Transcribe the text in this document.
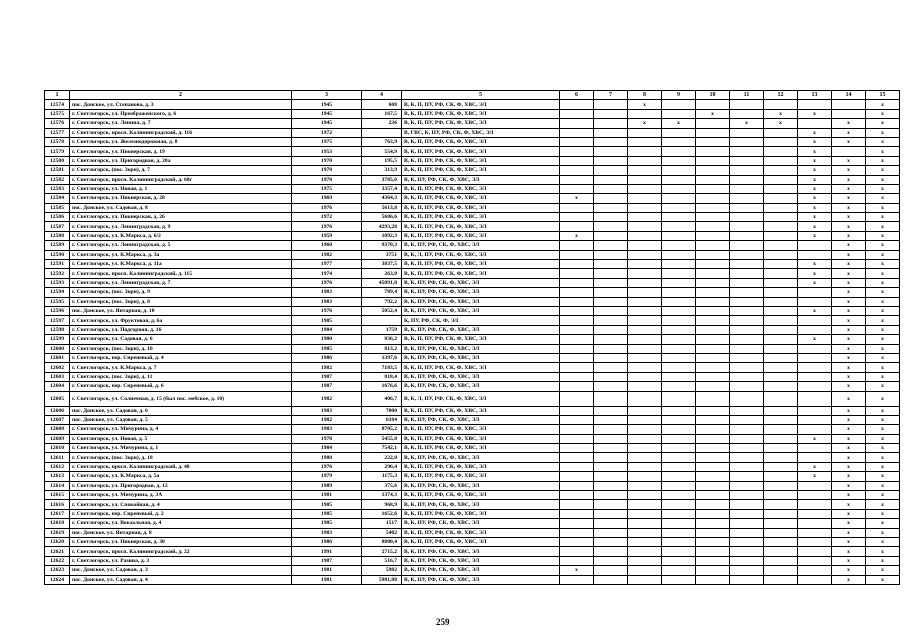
1	2	3	4	5	6	7	8	9	10	11	12	13	14	15
12574	пос. Донское, ул. Степанова, д. 3	1945	608	В, К, П, ПУ, РФ, СК, Ф, ХВС, ЭЛ			x							x
12575	г. Светлогорск, ул. Преображенского, д. 6	1945	167,5	В, К, П, ПУ, РФ, СК, Ф, ХВС, ЭЛ					x		x	x		x
12576	г. Светлогорск, ул. Ленина, д. 7	1945	236	В, К, П, ПУ, РФ, СК, Ф, ХВС, ЭЛ			x	x		x	x		x	x
12577	г. Светлогорск, просп. Калининградский, д. 116	1972		В, ГВС, К, ПУ, РФ, СК, Ф, ХВС, ЭЛ								x	x	x
12578	г. Светлогорск, ул. Железнодорожная, д. 8	1975	763,9	В, К, П, ПУ, РФ, СК, Ф, ХВС, ЭЛ								x	x	x
12579	г. Светлогорск, ул. Пионерская, д. 19	1953	554,9	В, К, П, ПУ, РФ, СК, Ф, ХВС, ЭЛ								x		x
12580	г. Светлогорск, ул. Пригородная, д. 20а	1970	195,5	В, К, П, ПУ, РФ, СК, Ф, ХВС, ЭЛ								x	x	x
12581	г. Светлогорск, (пос. Зори), д. 7	1978	313,9	В, К, П, ПУ, РФ, СК, Ф, ХВС, ЭЛ								x	x	x
12582	г. Светлогорск, просп. Калининградский, д. 68г	1978	3785,6	В, К, ПУ, РФ, СК, Ф, ХВС, ЭЛ								x	x	x
12583	г. Светлогорск, ул. Новая, д. 1	1975	3357,4	В, К, П, ПУ, РФ, СК, Ф, ХВС, ЭЛ								x	x	x
12584	г. Светлогорск, ул. Пионерская, д. 28	1969	4364,3	В, К, П, ПУ, РФ, СК, Ф, ХВС, ЭЛ	x							x	x	x
12585	пос. Донское, ул. Садовая, д. 8	1976	5613,8	В, К, П, ПУ, РФ, СК, Ф, ХВС, ЭЛ								x	x	x
12586	г. Светлогорск, ул. Пионерская, д. 26	1972	5686,6	В, К, П, ПУ, РФ, СК, Ф, ХВС, ЭЛ								x	x	x
12587	г. Светлогорск, ул. Ленинградская, д. 9	1976	4293,28	В, К, П, ПУ, РФ, СК, Ф, ХВС, ЭЛ								x	x	x
12588	г. Светлогорск, ул. К.Маркса, д. 6/2	1959	1092,3	В, К, П, ПУ, РФ, СК, Ф, ХВС, ЭЛ	x							x	x	x
12589	г. Светлогорск, ул. Ленинградская, д. 5	1960	9370,3	В, К, ПУ, РФ, СК, Ф, ХВС, ЭЛ									x	x
12590	г. Светлогорск, ул. К.Маркса, д. 3а	1982	3751	В, К, Л, ПУ, РФ, СК, Ф, ХВС, ЭЛ									x	x
12591	г. Светлогорск, ул. К.Маркса, д. 11а	1977	3837,5	В, К, П, ПУ, РФ, СК, Ф, ХВС, ЭЛ								x	x	x
12592	г. Светлогорск, просп. Калининградский, д. 115	1974	263,8	В, К, П, ПУ, РФ, СК, Ф, ХВС, ЭЛ								x	x	x
12593	г. Светлогорск, ул. Ленинградская, д. 7	1976	45091,8	В, К, ПУ, РФ, СК, Ф, ХВС, ЭЛ								x	x	x
12594	г. Светлогорск, (пос. Зори), д. 9	1983	789,4	В, К, ПУ, РФ, СК, Ф, ХВС, ЭЛ									x	x
12595	г. Светлогорск, (пос. Зори), д. 8	1983	792,2	В, К, ПУ, РФ, СК, Ф, ХВС, ЭЛ									x	x
12596	пос. Донское, ул. Янтарная, д. 10	1976	5052,4	В, К, ПУ, РФ, СК, Ф, ХВС, ЭЛ								x	x	x
12597	г. Светлогорск, ул. Фруктовая, д. 6а	1985		К, ПУ, РФ, СК, Ф, ЭЛ									x	x
12598	г. Светлогорск, ул. Подгорная, д. 16	1984	1759	В, К, ПУ, РФ, СК, Ф, ХВС, ЭЛ									x	x
12599	г. Светлогорск, ул. Садовая, д. 6	1980	836,2	В, К, П, ПУ, РФ, СК, Ф, ХВС, ЭЛ								x	x	x
12600	г. Светлогорск, (пос. Зори), д. 10	1985	813,2	В, К, ПУ, РФ, СК, Ф, ХВС, ЭЛ									x	x
12601	г. Светлогорск, пер. Сиреневый, д. 4	1986	1397,6	В, К, ПУ, РФ, СК, Ф, ХВС, ЭЛ									x	x
12602	г. Светлогорск, ул. К.Маркса, д. 7	1982	7183,5	В, К, П, ПУ, РФ, СК, Ф, ХВС, ЭЛ									x	x
12603	г. Светлогорск, (пос. Зори), д. 11	1987	818,4	В, К, ПУ, РФ, СК, Ф, ХВС, ЭЛ									x	x
12604	г. Светлогорск, пер. Сиреневый, д. 6	1987	1676,6	В, К, ПУ, РФ, СК, Ф, ХВС, ЭЛ									x	x
12605	г. Светлогорск, ул. Солнечная, д. 15 (был пос. мебское, д. 10)	1982	406,7	В, К, Л, ПУ, РФ, СК, Ф, ХВС, ЭЛ									x	x
12606	пос. Донское, ул. Садовая, д. 6	1983	7000	В, К, П, ПУ, РФ, СК, Ф, ХВС, ЭЛ									x	x
12607	пос. Донское, ул. Садовая, д. 5	1982	6184	В, К, ПУ, РФ, СК, Ф, ХВС, ЭЛ									x	x
12608	г. Светлогорск, ул. Мичурина, д. 4	1983	8705,2	В, К, П, ПУ, РФ, СК, Ф, ХВС, ЭЛ									x	x
12609	г. Светлогорск, ул. Новая, д. 5	1978	5455,8	В, К, П, ПУ, РФ, СК, Ф, ХВС, ЭЛ								x	x	x
12610	г. Светлогорск, ул. Мичурина, д. 1	1984	7542,1	В, К, П, ПУ, РФ, СК, Ф, ХВС, ЭЛ									x	x
12611	г. Светлогорск, (пос. Зори), д. 18	1988	222,8	В, К, ПУ, РФ, СК, Ф, ХВС, ЭЛ									x	x
12612	г. Светлогорск, просп. Калининградский, д. 48	1976	296,4	В, К, П, ПУ, РФ, СК, Ф, ХВС, ЭЛ								x	x	x
12613	г. Светлогорск, ул. К.Маркса, д. 5а	1979	1175,3	В, К, П, ПУ, РФ, СК, Ф, ХВС, ЭЛ								x	x	x
12614	г. Светлогорск, ул. Пригородная, д. 12	1989	375,6	В, К, ПУ, РФ, СК, Ф, ХВС, ЭЛ									x	x
12615	г. Светлогорск, ул. Мичурина, д. 3А	1981	1374,3	В, К, П, ПУ, РФ, СК, Ф, ХВС, ЭЛ									x	x
12616	г. Светлогорск, ул. Спокойная, д. 4	1985	968,9	В, К, ПУ, РФ, СК, Ф, ХВС, ЭЛ									x	x
12617	г. Светлогорск, пер. Сиреневый, д. 2	1985	1652,6	В, К, П, ПУ, РФ, СК, Ф, ХВС, ЭЛ									x	x
12618	г. Светлогорск, ул. Вокзальная, д. 4	1985	1517	В, К, ПУ, РФ, СК, Ф, ХВС, ЭЛ									x	x
12619	пос. Донское, ул. Янтарная, д. 8	1983	5402	В, К, П, ПУ, РФ, СК, Ф, ХВС, ЭЛ									x	x
12620	г. Светлогорск, ул. Пионерская, д. 30	1986	8800,4	В, К, П, ПУ, РФ, СК, Ф, ХВС, ЭЛ									x	x
12621	г. Светлогорск, просп. Калининградский, д. 22	1991	2715,2	В, К, ПУ, РФ, СК, Ф, ХВС, ЭЛ									x	x
12622	г. Светлогорск, ул. Разина, д. 3	1987	516,7	В, К, ПУ, РФ, СК, Ф, ХВС, ЭЛ									x	x
12623	пос. Донское, ул. Садовая, д. 3	1981	5982	В, К, ПУ, РФ, СК, Ф, ХВС, ЭЛ	x								x	x
12624	пос. Донское, ул. Садовая, д. 4	1981	5981,08	В, К, ПУ, РФ, СК, Ф, ХВС, ЭЛ									x	x
259
